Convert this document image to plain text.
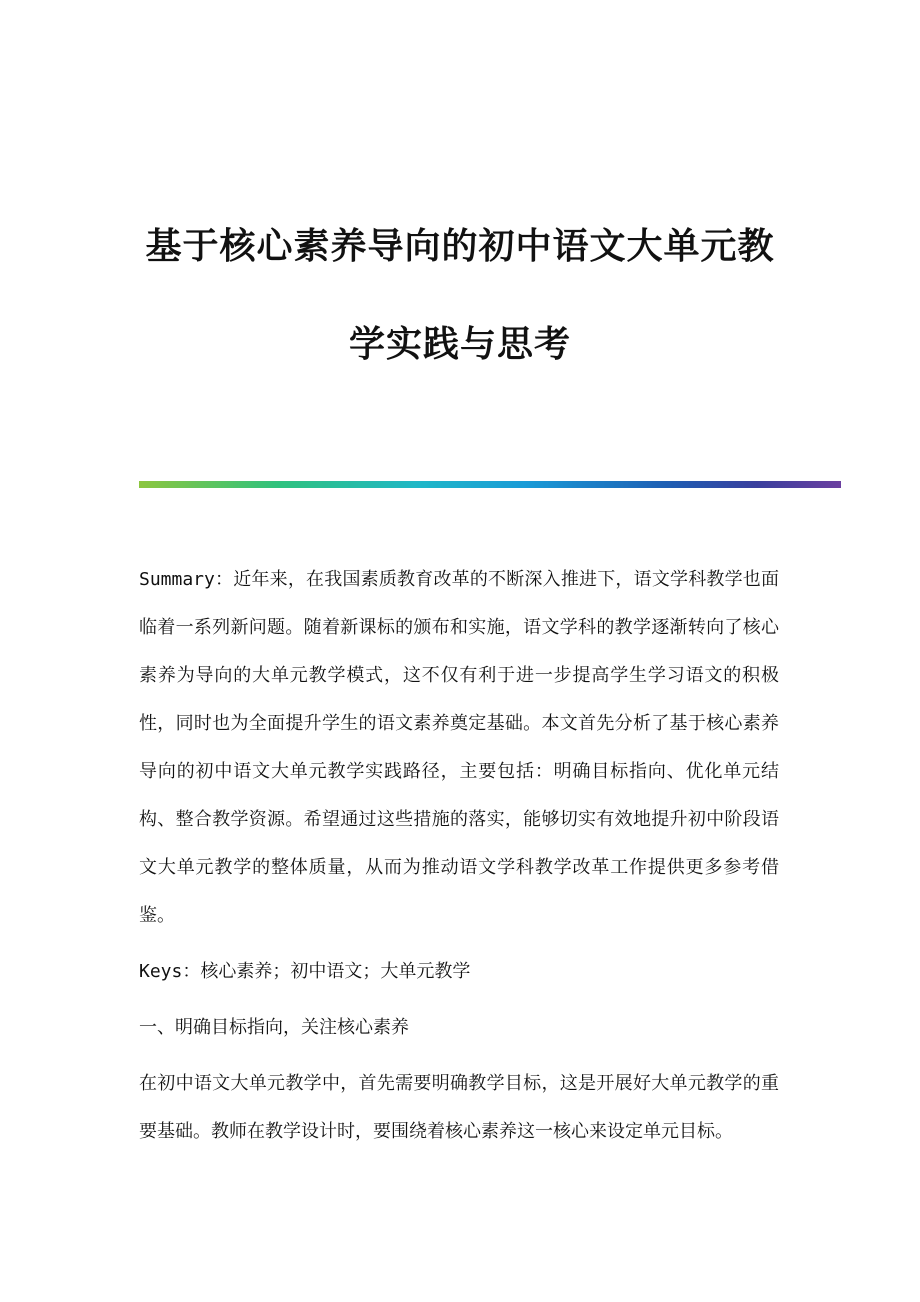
基于核心素养导向的初中语文大单元教
学实践与思考

Summary：近年来，在我国素质教育改革的不断深入推进下，语文学科教学也面临着一系列新问题。随着新课标的颁布和实施，语文学科的教学逐渐转向了核心素养为导向的大单元教学模式，这不仅有利于进一步提高学生学习语文的积极性，同时也为全面提升学生的语文素养奠定基础。本文首先分析了基于核心素养导向的初中语文大单元教学实践路径，主要包括：明确目标指向、优化单元结构、整合教学资源。希望通过这些措施的落实，能够切实有效地提升初中阶段语文大单元教学的整体质量，从而为推动语文学科教学改革工作提供更多参考借鉴。

Keys：核心素养；初中语文；大单元教学

一、明确目标指向，关注核心素养

在初中语文大单元教学中，首先需要明确教学目标，这是开展好大单元教学的重要基础。教师在教学设计时，要围绕着核心素养这一核心来设定单元目标。
